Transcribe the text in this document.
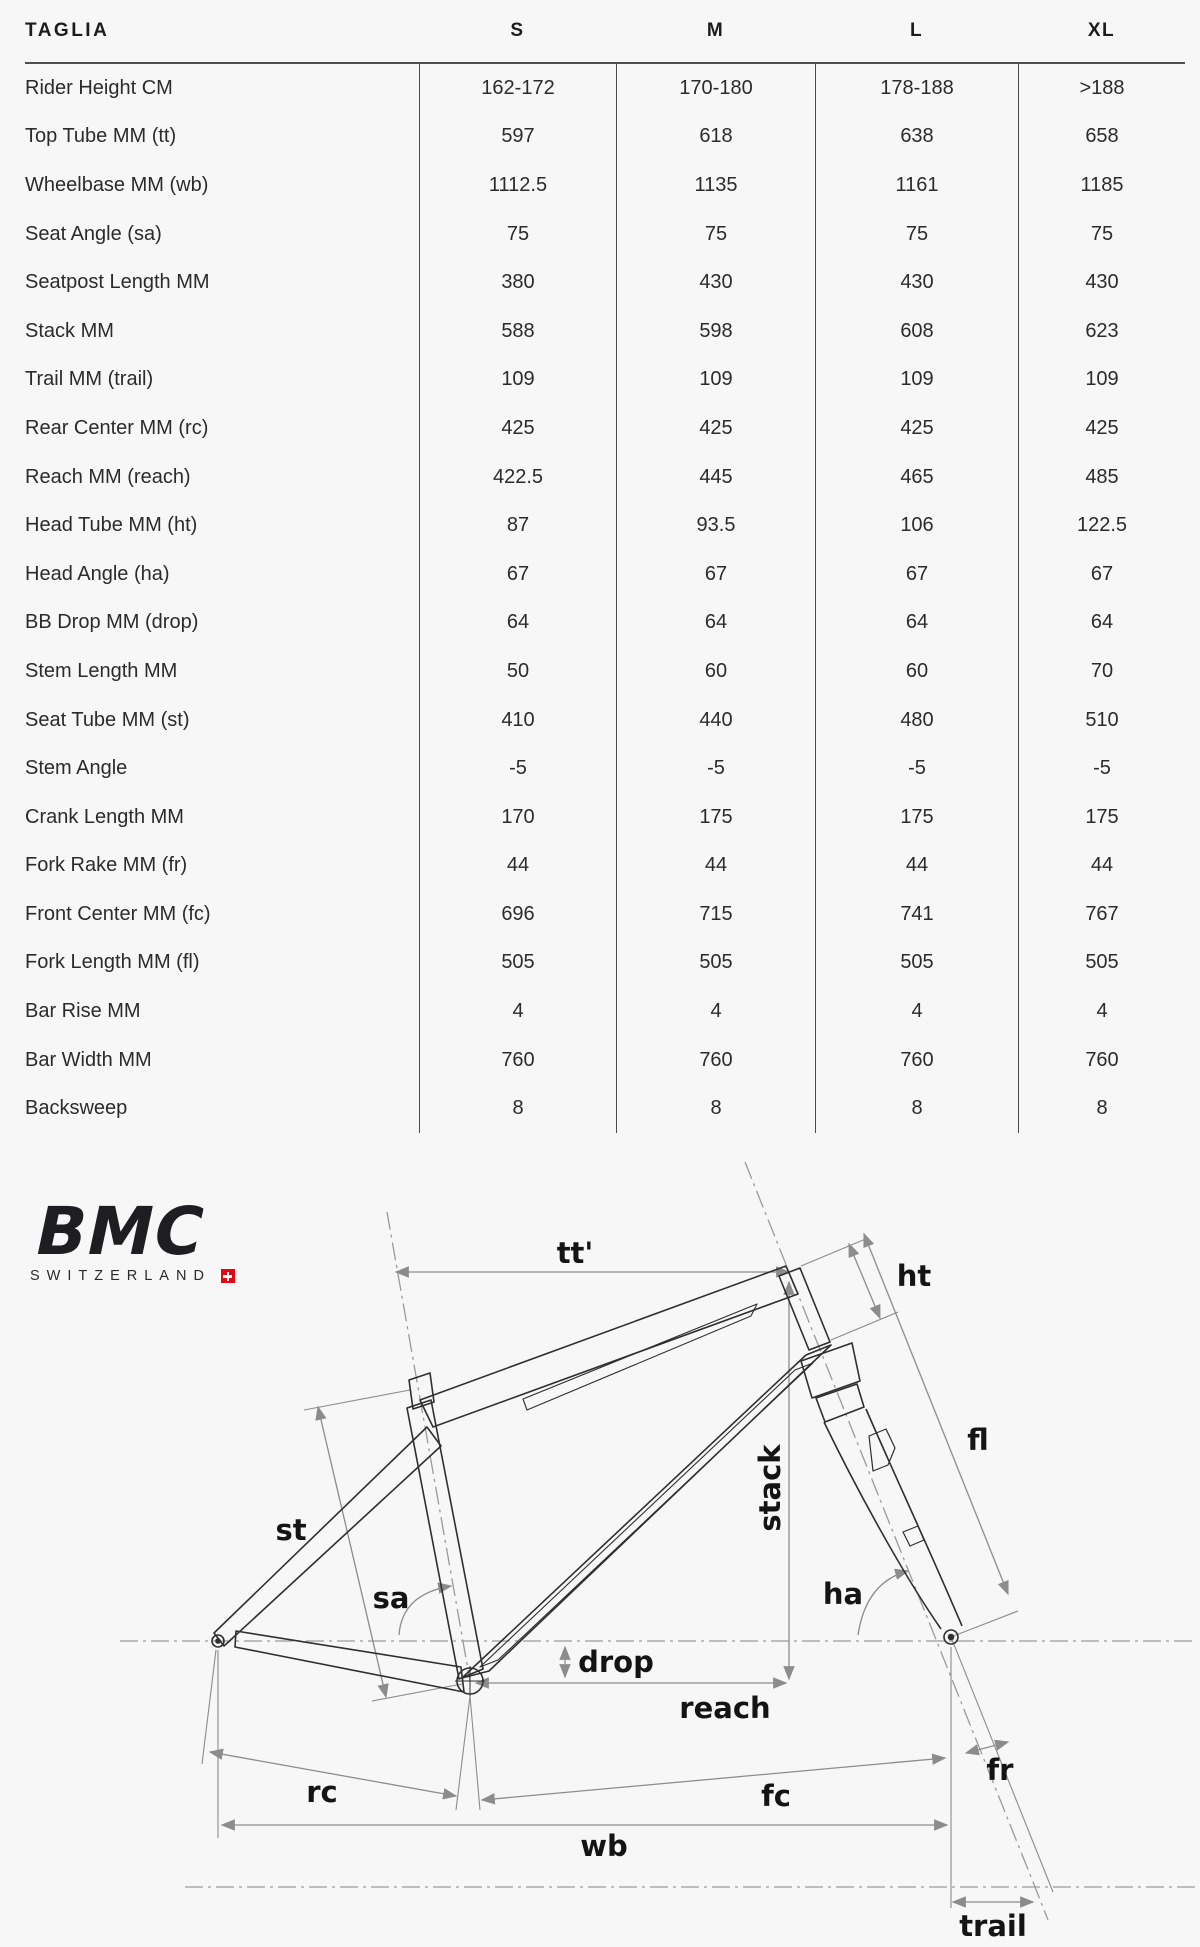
TAGLIA	S	M	L	XL
Rider Height CM	162-172	170-180	178-188	>188
Top Tube MM (tt)	597	618	638	658
Wheelbase MM (wb)	1112.5	1135	1161	1185
Seat Angle (sa)	75	75	75	75
Seatpost Length MM	380	430	430	430
Stack MM	588	598	608	623
Trail MM (trail)	109	109	109	109
Rear Center MM (rc)	425	425	425	425
Reach MM (reach)	422.5	445	465	485
Head Tube MM (ht)	87	93.5	106	122.5
Head Angle (ha)	67	67	67	67
BB Drop MM (drop)	64	64	64	64
Stem Length MM	50	60	60	70
Seat Tube MM (st)	410	440	480	510
Stem Angle	-5	-5	-5	-5
Crank Length MM	170	175	175	175
Fork Rake MM (fr)	44	44	44	44
Front Center MM (fc)	696	715	741	767
Fork Length MM (fl)	505	505	505	505
Bar Rise MM	4	4	4	4
Bar Width MM	760	760	760	760
Backsweep	8	8	8	8
tt'
ht
fl
stack
st
sa	ha
drop
reach
rc	fc
wb
fr
trail
BMC
SWITZERLAND
